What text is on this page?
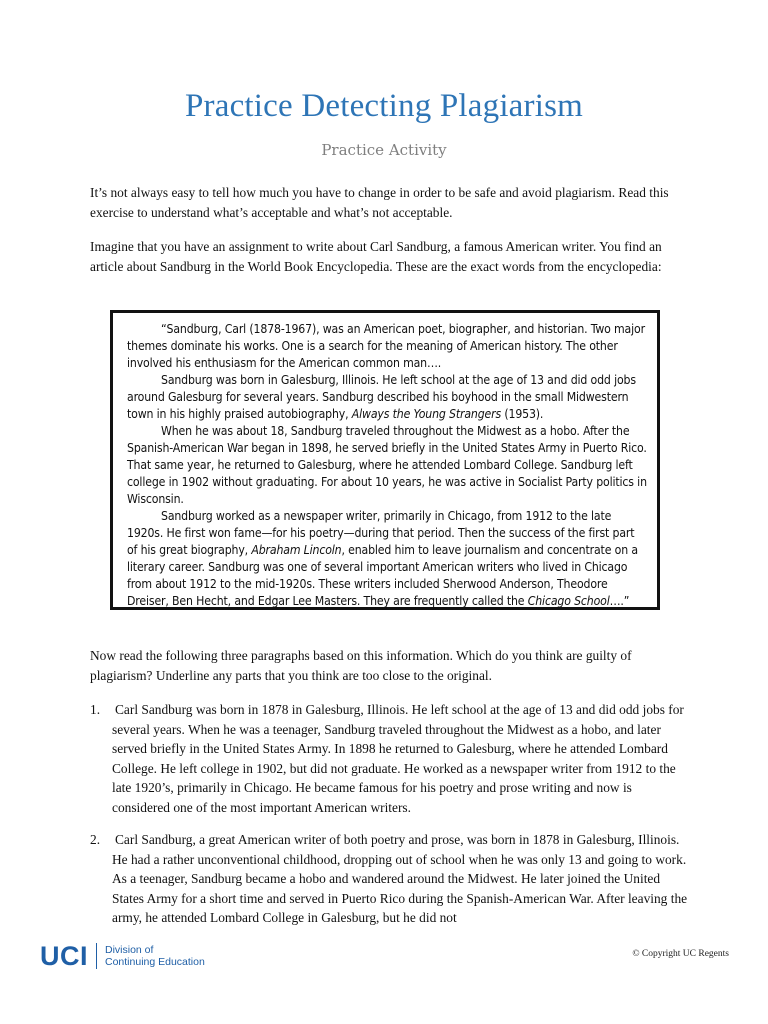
Practice Detecting Plagiarism
Practice Activity

It’s not always easy to tell how much you have to change in order to be safe and avoid plagiarism. Read this exercise to understand what’s acceptable and what’s not acceptable.

Imagine that you have an assignment to write about Carl Sandburg, a famous American writer. You find an article about Sandburg in the World Book Encyclopedia. These are the exact words from the encyclopedia:

“Sandburg, Carl (1878-1967), was an American poet, biographer, and historian. Two major themes dominate his works. One is a search for the meaning of American history. The other involved his enthusiasm for the American common man….

Sandburg was born in Galesburg, Illinois. He left school at the age of 13 and did odd jobs around Galesburg for several years. Sandburg described his boyhood in the small Midwestern town in his highly praised autobiography, Always the Young Strangers (1953).

When he was about 18, Sandburg traveled throughout the Midwest as a hobo. After the Spanish-American War began in 1898, he served briefly in the United States Army in Puerto Rico. That same year, he returned to Galesburg, where he attended Lombard College. Sandburg left college in 1902 without graduating. For about 10 years, he was active in Socialist Party politics in Wisconsin.

Sandburg worked as a newspaper writer, primarily in Chicago, from 1912 to the late 1920s. He first won fame—for his poetry—during that period. Then the success of the first part of his great biography, Abraham Lincoln, enabled him to leave journalism and concentrate on a literary career. Sandburg was one of several important American writers who lived in Chicago from about 1912 to the mid-1920s. These writers included Sherwood Anderson, Theodore Dreiser, Ben Hecht, and Edgar Lee Masters. They are frequently called the Chicago School….”

Now read the following three paragraphs based on this information. Which do you think are guilty of plagiarism? Underline any parts that you think are too close to the original.

1.	Carl Sandburg was born in 1878 in Galesburg, Illinois. He left school at the age of 13 and did odd jobs for several years. When he was a teenager, Sandburg traveled throughout the Midwest as a hobo, and later served briefly in the United States Army. In 1898 he returned to Galesburg, where he attended Lombard College. He left college in 1902, but did not graduate. He worked as a newspaper writer from 1912 to the late 1920’s, primarily in Chicago. He became famous for his poetry and prose writing and now is considered one of the most important American writers.
2.	Carl Sandburg, a great American writer of both poetry and prose, was born in 1878 in Galesburg, Illinois. He had a rather unconventional childhood, dropping out of school when he was only 13 and going to work. As a teenager, Sandburg became a hobo and wandered around the Midwest. He later joined the United States Army for a short time and served in Puerto Rico during the Spanish-American War. After leaving the army, he attended Lombard College in Galesburg, but he did not
UCI Division of
Continuing Education
© Copyright UC Regents
